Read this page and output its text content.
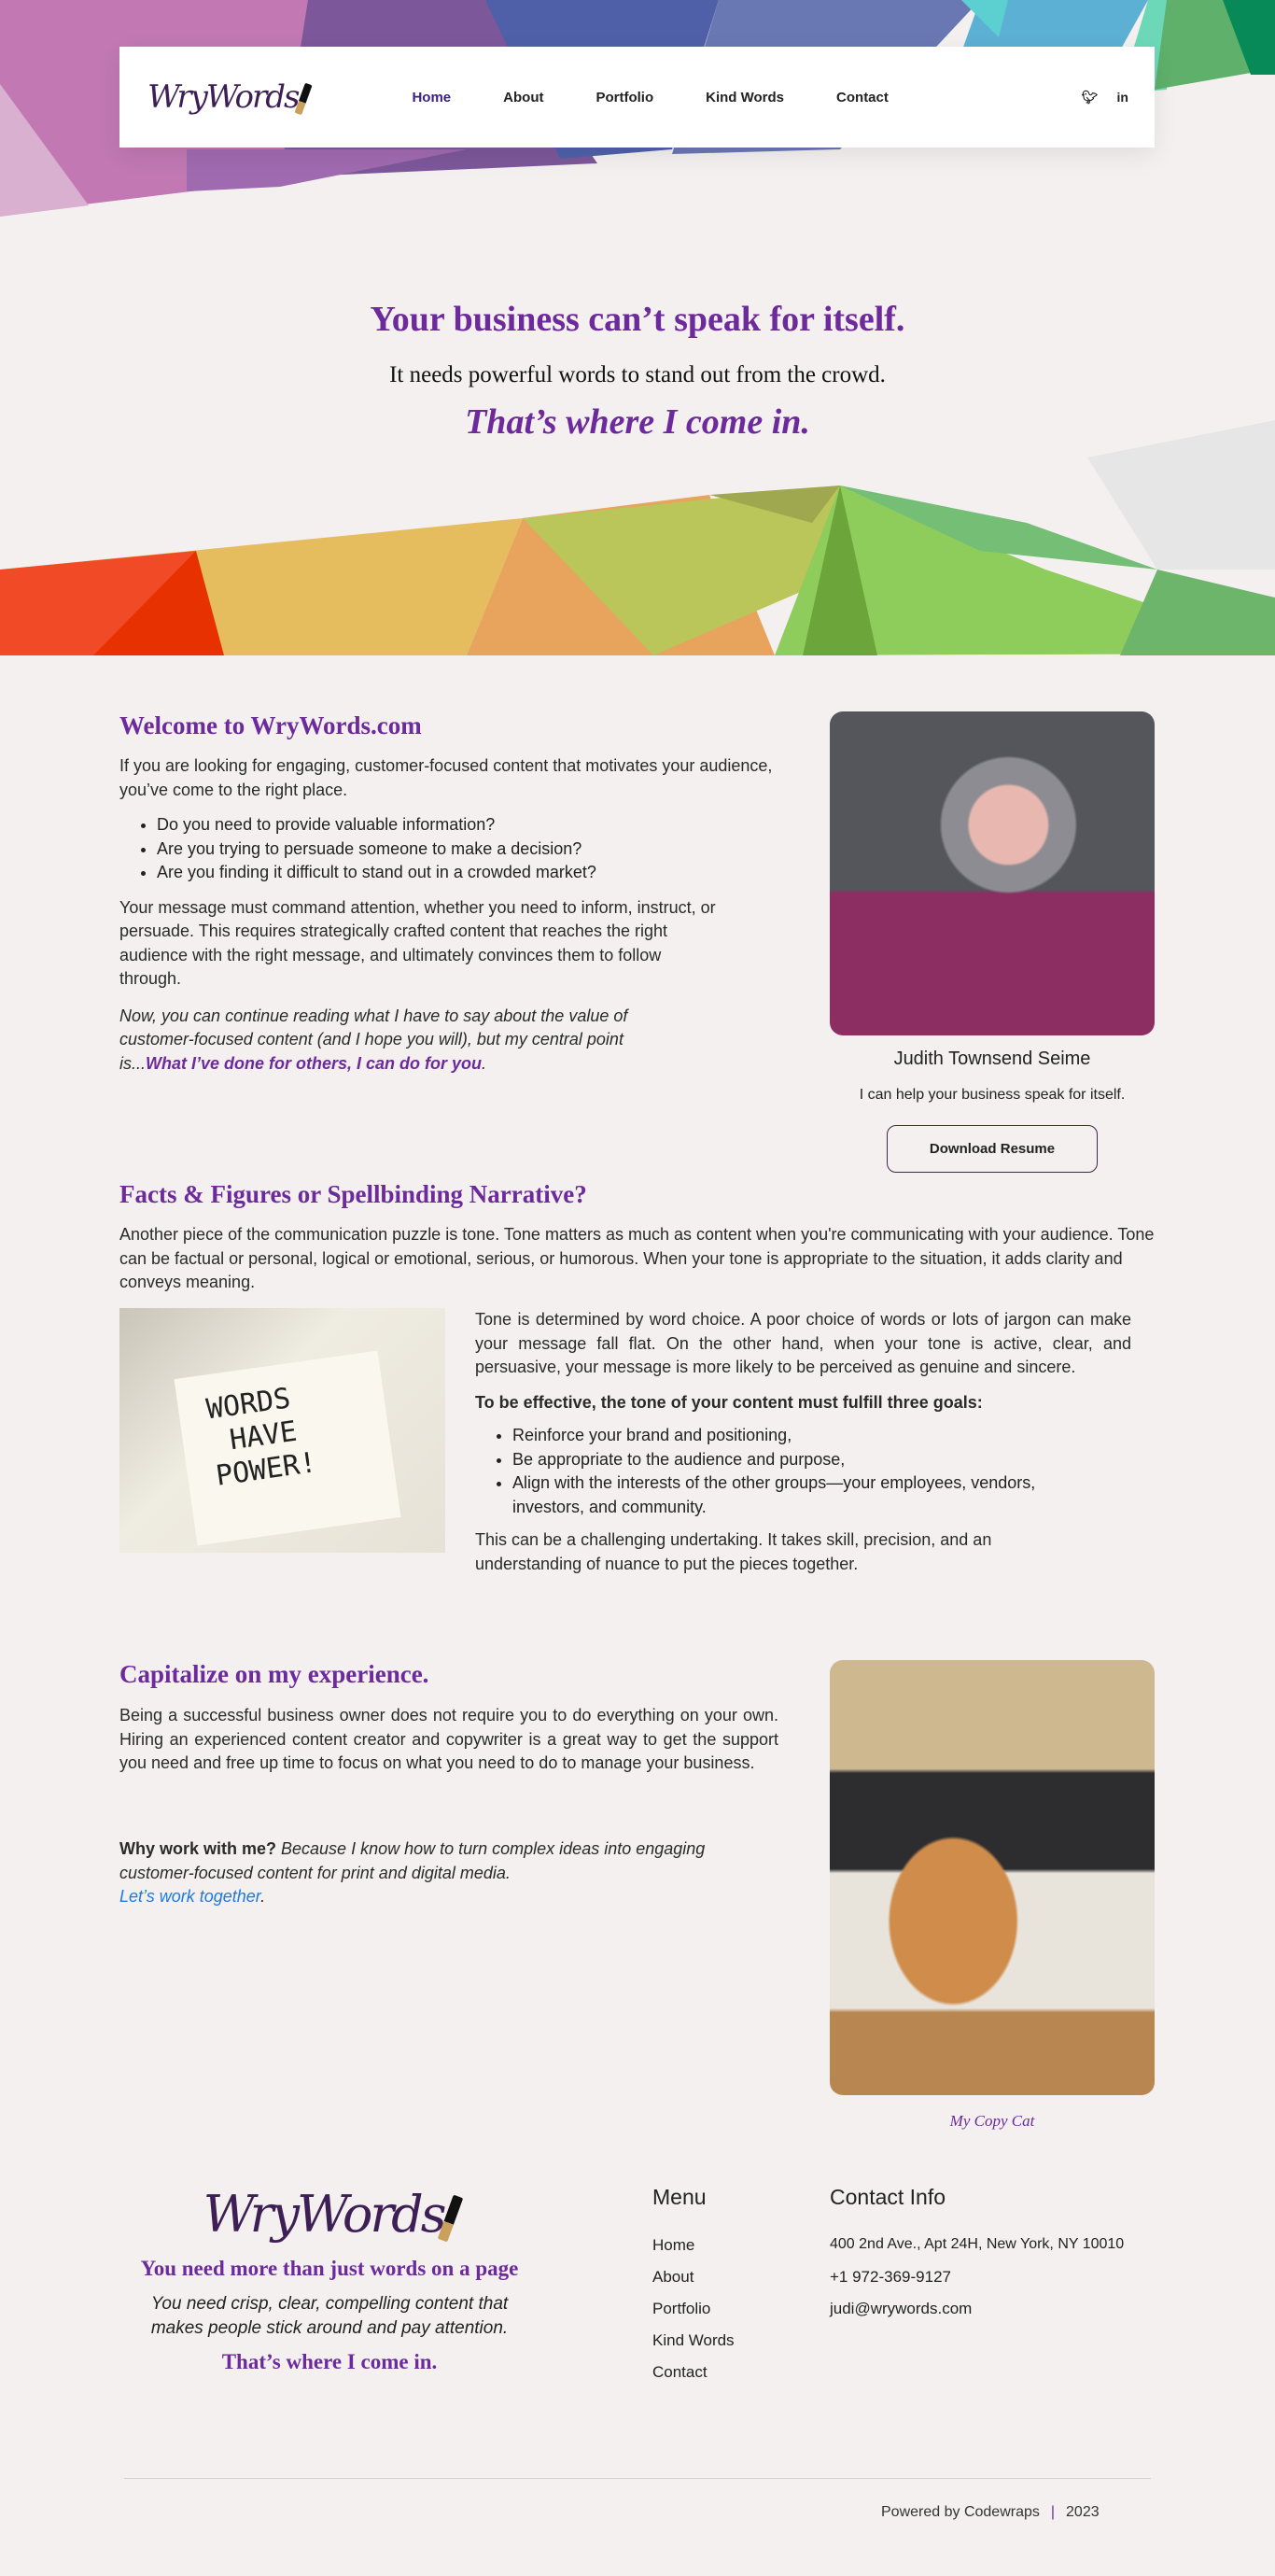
WryWords	Home	About	Portfolio	Kind Words	Contact	🐦︎ in
Your business can’t speak for itself.
It needs powerful words to stand out from the crowd.
That’s where I come in.
Welcome to WryWords.com

If you are looking for engaging, customer-focused content that motivates your audience, you’ve come to the right place.

• Do you need to provide valuable information?
• Are you trying to persuade someone to make a decision?
• Are you finding it difficult to stand out in a crowded market?

Your message must command attention, whether you need to inform, instruct, or persuade. This requires strategically crafted content that reaches the right audience with the right message, and ultimately convinces them to follow through.

Now, you can continue reading what I have to say about the value of customer-focused content (and I hope you will), but my central point is...What I’ve done for others, I can do for you.	Judith Townsend Seime
I can help your business speak for itself.
Download Resume
Facts & Figures or Spellbinding Narrative?

Another piece of the communication puzzle is tone. Tone matters as much as content when you're communicating with your audience. Tone can be factual or personal, logical or emotional, serious, or humorous. When your tone is appropriate to the situation, it adds clarity and conveys meaning.

WORDS
HAVE
POWER!

Tone is determined by word choice. A poor choice of words or lots of jargon can make your message fall flat. On the other hand, when your tone is active, clear, and persuasive, your message is more likely to be perceived as genuine and sincere.

To be effective, the tone of your content must fulfill three goals:

• Reinforce your brand and positioning,
• Be appropriate to the audience and purpose,
• Align with the interests of the other groups—your employees, vendors, investors, and community.

This can be a challenging undertaking. It takes skill, precision, and an understanding of nuance to put the pieces together.

Capitalize on my experience.

Being a successful business owner does not require you to do everything on your own. Hiring an experienced content creator and copywriter is a great way to get the support you need and free up time to focus on what you need to do to manage your business.

Why work with me? Because I know how to turn complex ideas into engaging customer-focused content for print and digital media.
Let’s work together.

My Copy Cat
WryWords
You need more than just words on a page
You need crisp, clear, compelling content that makes people stick around and pay attention.
That’s where I come in.
Menu
Home
About
Portfolio
Kind Words
Contact
Contact Info
400 2nd Ave., Apt 24H, New York, NY 10010
+1 972-369-9127
judi@wrywords.com
Powered by Codewraps | 2023
